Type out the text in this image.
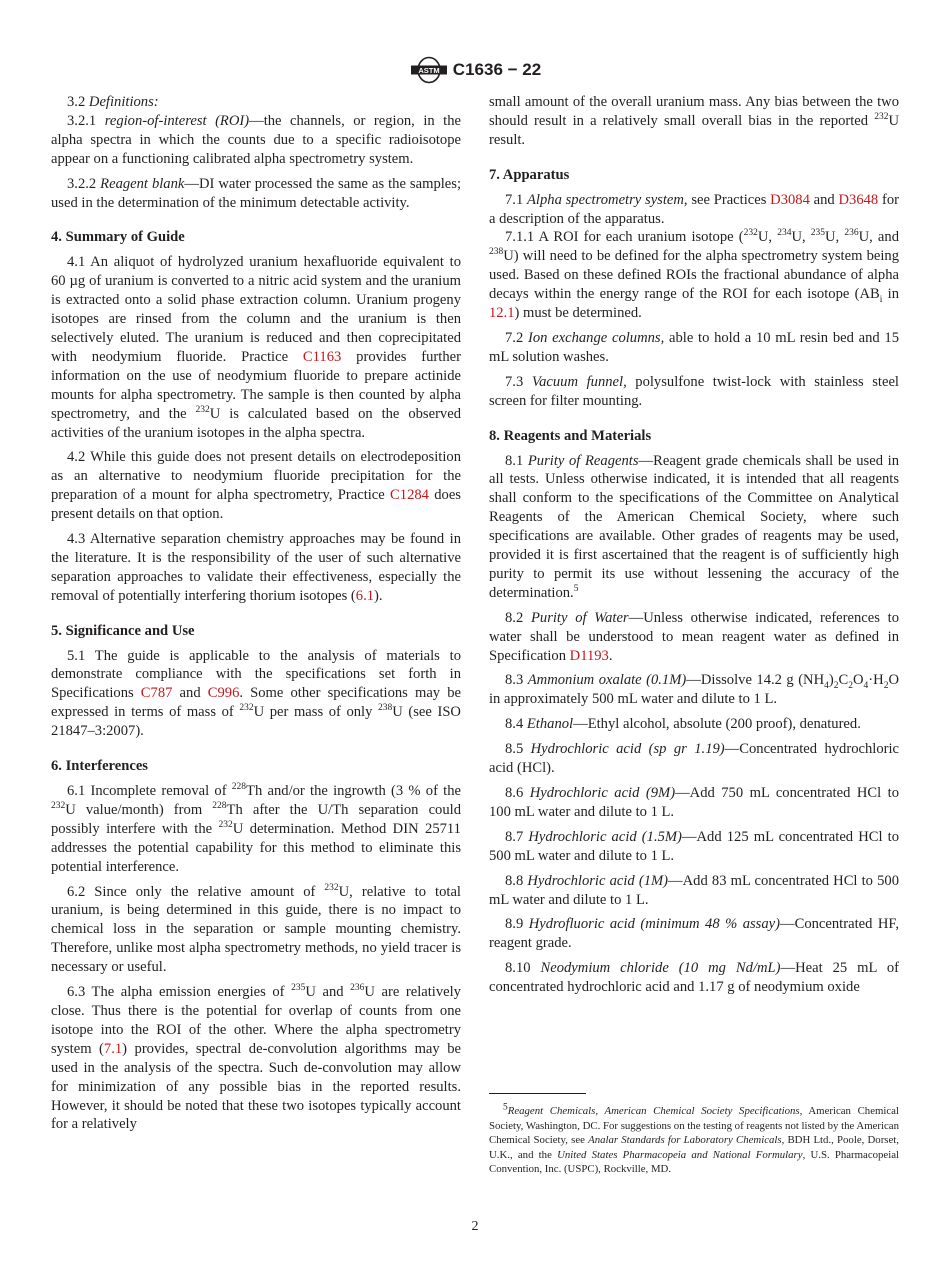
ASTM C1636 − 22

3.2 Definitions:

3.2.1 region-of-interest (ROI)—the channels, or region, in the alpha spectra in which the counts due to a specific radioisotope appear on a functioning calibrated alpha spectrometry system.

3.2.2 Reagent blank—DI water processed the same as the samples; used in the determination of the minimum detectable activity.

4. Summary of Guide

4.1 An aliquot of hydrolyzed uranium hexafluoride equivalent to 60 µg of uranium is converted to a nitric acid system and the uranium is extracted onto a solid phase extraction column. Uranium progeny isotopes are rinsed from the column and the uranium is then selectively eluted. The uranium is reduced and then coprecipitated with neodymium fluoride. Practice C1163 provides further information on the use of neodymium fluoride to prepare actinide mounts for alpha spectrometry. The sample is then counted by alpha spectrometry, and the $^{232}$U is calculated based on the observed activities of the uranium isotopes in the alpha spectra.

4.2 While this guide does not present details on electrodeposition as an alternative to neodymium fluoride precipitation for the preparation of a mount for alpha spectrometry, Practice C1284 does present details on that option.

4.3 Alternative separation chemistry approaches may be found in the literature. It is the responsibility of the user of such alternative separation approaches to validate their effectiveness, especially the removal of potentially interfering thorium isotopes (6.1).

5. Significance and Use

5.1 The guide is applicable to the analysis of materials to demonstrate compliance with the specifications set forth in Specifications C787 and C996. Some other specifications may be expressed in terms of mass of $^{232}$U per mass of only $^{238}$U (see ISO 21847–3:2007).

6. Interferences

6.1 Incomplete removal of $^{228}$Th and/or the ingrowth (3 % of the $^{232}$U value/month) from $^{228}$Th after the U/Th separation could possibly interfere with the $^{232}$U determination. Method DIN 25711 addresses the potential capability for this method to eliminate this potential interference.

6.2 Since only the relative amount of $^{232}$U, relative to total uranium, is being determined in this guide, there is no impact to chemical loss in the separation or sample mounting chemistry. Therefore, unlike most alpha spectrometry methods, no yield tracer is necessary or useful.

6.3 The alpha emission energies of $^{235}$U and $^{236}$U are relatively close. Thus there is the potential for overlap of counts from one isotope into the ROI of the other. Where the alpha spectrometry system (7.1) provides, spectral de-convolution algorithms may be used in the analysis of the spectra. Such de-convolution may allow for minimization of any possible bias in the reported results. However, it should be noted that these two isotopes typically account for a relatively

small amount of the overall uranium mass. Any bias between the two should result in a relatively small overall bias in the reported $^{232}$U result.

7. Apparatus

7.1 Alpha spectrometry system, see Practices D3084 and D3648 for a description of the apparatus.

7.1.1 A ROI for each uranium isotope ($^{232}$U, $^{234}$U, $^{235}$U, $^{236}$U, and $^{238}$U) will need to be defined for the alpha spectrometry system being used. Based on these defined ROIs the fractional abundance of alpha decays within the energy range of the ROI for each isotope ($AB_i$ in 12.1) must be determined.

7.2 Ion exchange columns, able to hold a 10 mL resin bed and 15 mL solution washes.

7.3 Vacuum funnel, polysulfone twist-lock with stainless steel screen for filter mounting.

8. Reagents and Materials

8.1 Purity of Reagents—Reagent grade chemicals shall be used in all tests. Unless otherwise indicated, it is intended that all reagents shall conform to the specifications of the Committee on Analytical Reagents of the American Chemical Society, where such specifications are available. Other grades of reagents may be used, provided it is first ascertained that the reagent is of sufficiently high purity to permit its use without lessening the accuracy of the determination.$^5$

8.2 Purity of Water—Unless otherwise indicated, references to water shall be understood to mean reagent water as defined in Specification D1193.

8.3 Ammonium oxalate (0.1M)—Dissolve 14.2 g $(NH_4)_2C_2O_4\cdot H_2O$ in approximately 500 mL water and dilute to 1 L.

8.4 Ethanol—Ethyl alcohol, absolute (200 proof), denatured.

8.5 Hydrochloric acid (sp gr 1.19)—Concentrated hydrochloric acid (HCl).

8.6 Hydrochloric acid (9M)—Add 750 mL concentrated HCl to 100 mL water and dilute to 1 L.

8.7 Hydrochloric acid (1.5M)—Add 125 mL concentrated HCl to 500 mL water and dilute to 1 L.

8.8 Hydrochloric acid (1M)—Add 83 mL concentrated HCl to 500 mL water and dilute to 1 L.

8.9 Hydrofluoric acid (minimum 48 % assay)—Concentrated HF, reagent grade.

8.10 Neodymium chloride (10 mg Nd/mL)—Heat 25 mL of concentrated hydrochloric acid and 1.17 g of neodymium oxide

$^5$Reagent Chemicals, American Chemical Society Specifications, American Chemical Society, Washington, DC. For suggestions on the testing of reagents not listed by the American Chemical Society, see Analar Standards for Laboratory Chemicals, BDH Ltd., Poole, Dorset, U.K., and the United States Pharmacopeia and National Formulary, U.S. Pharmacopeial Convention, Inc. (USPC), Rockville, MD.

2
